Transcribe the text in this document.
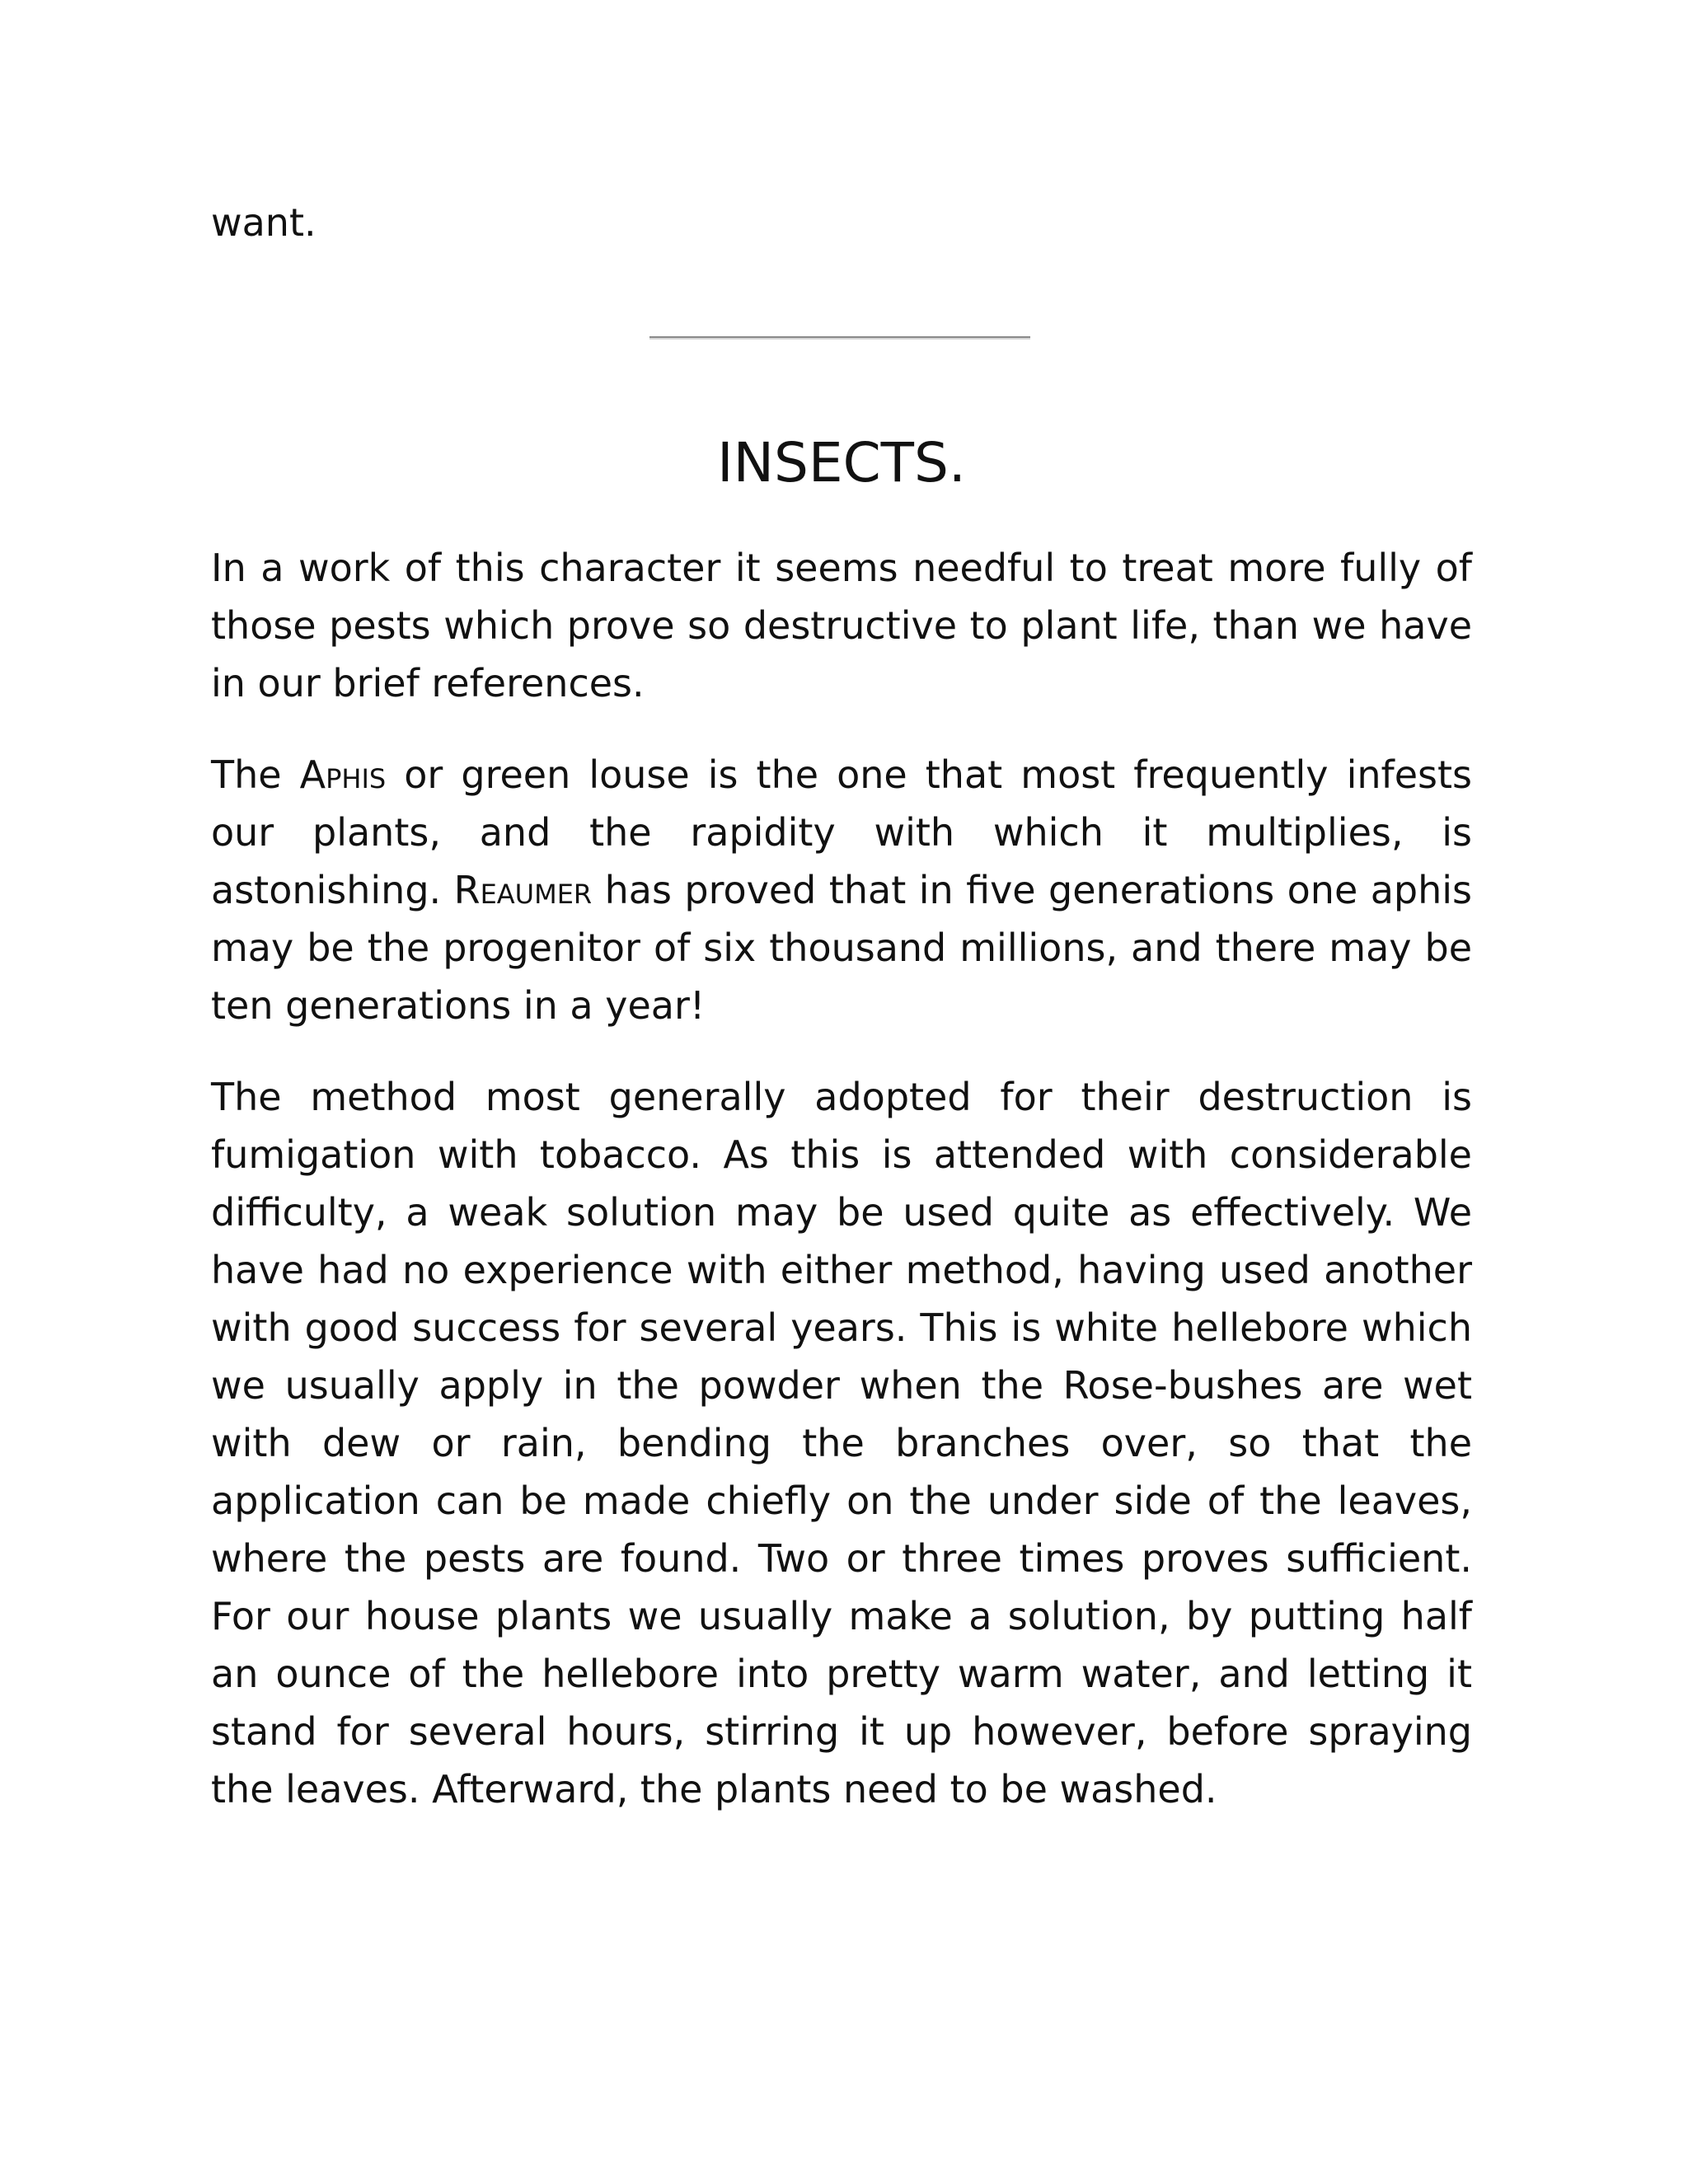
want.

INSECTS.

In a work of this character it seems needful to treat more fully of those pests which prove so destructive to plant life, than we have in our brief references.

The Aphis or green louse is the one that most frequently infests our plants, and the rapidity with which it multiplies, is astonishing. Reaumer has proved that in five generations one aphis may be the progenitor of six thousand millions, and there may be ten generations in a year!

The method most generally adopted for their destruction is fumigation with tobacco. As this is attended with considerable difficulty, a weak solution may be used quite as effectively. We have had no experience with either method, having used another with good success for several years. This is white hellebore which we usually apply in the powder when the Rose-bushes are wet with dew or rain, bending the branches over, so that the application can be made chiefly on the under side of the leaves, where the pests are found. Two or three times proves sufficient. For our house plants we usually make a solution, by putting half an ounce of the hellebore into pretty warm water, and letting it stand for several hours, stirring it up however, before spraying the leaves. Afterward, the plants need to be washed.
